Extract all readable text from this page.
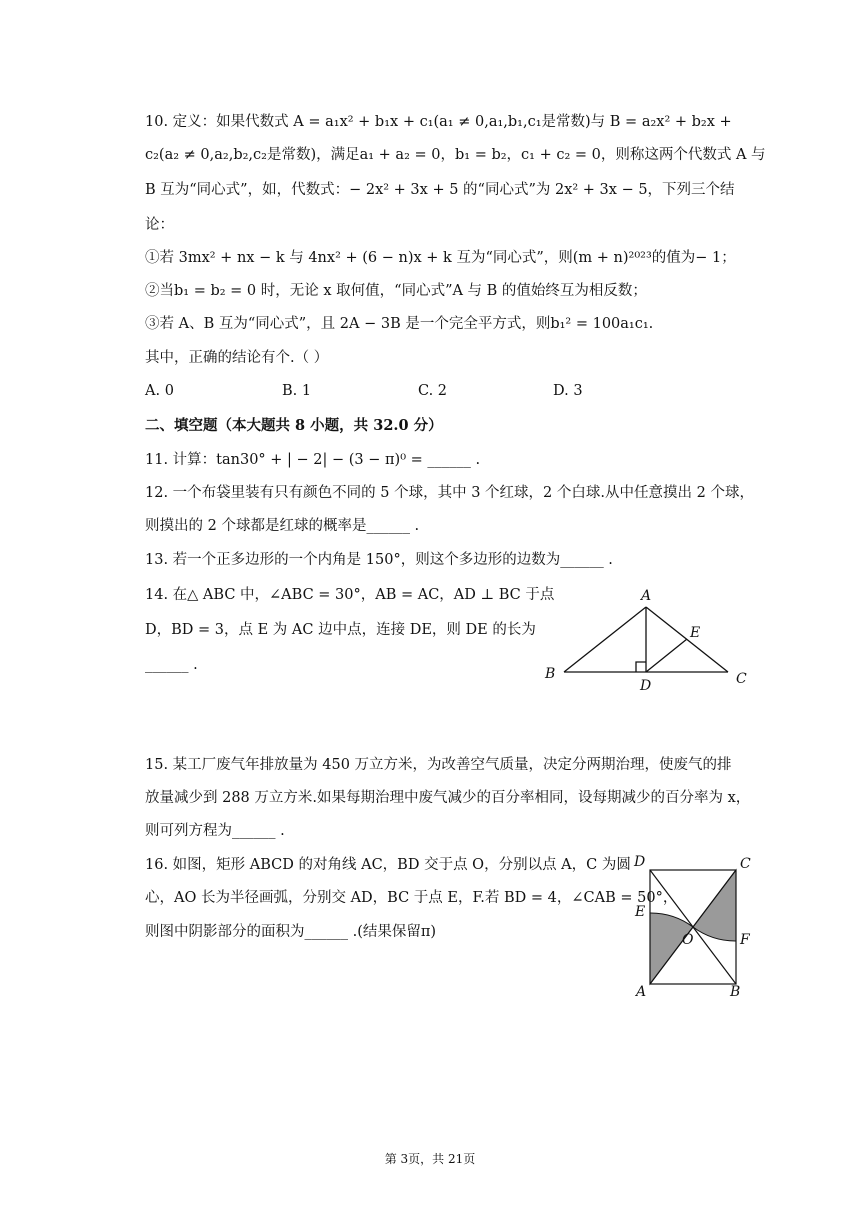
10. 定义：如果代数式 A = a₁x² + b₁x + c₁(a₁ ≠ 0,a₁,b₁,c₁是常数)与 B = a₂x² + b₂x +
c₂(a₂ ≠ 0,a₂,b₂,c₂是常数)，满足a₁ + a₂ = 0，b₁ = b₂，c₁ + c₂ = 0，则称这两个代数式 A 与
B 互为“同心式”，如，代数式：− 2x² + 3x + 5 的“同心式”为 2x² + 3x − 5，下列三个结
论：
①若 3mx² + nx − k 与 4nx² + (6 − n)x + k 互为“同心式”，则(m + n)²⁰²³的值为− 1；
②当b₁ = b₂ = 0 时，无论 x 取何值，“同心式”A 与 B 的值始终互为相反数；
③若 A、B 互为“同心式”，且 2A − 3B 是一个完全平方式，则b₁² = 100a₁c₁.
其中，正确的结论有个.（ ）
A. 0	B. 1	C. 2	D. 3
二、填空题（本大题共 8 小题，共 32.0 分）
11. 计算：tan30° + | − 2| − (3 − π)⁰ = ______ .
12. 一个布袋里装有只有颜色不同的 5 个球，其中 3 个红球，2 个白球.从中任意摸出 2 个球，
则摸出的 2 个球都是红球的概率是______ .
13. 若一个正多边形的一个内角是 150°，则这个多边形的边数为______ .
14. 在△ ABC 中，∠ABC = 30°，AB = AC，AD ⊥ BC 于点
D，BD = 3，点 E 为 AC 边中点，连接 DE，则 DE 的长为
______ .
A
B	C
D
E
15. 某工厂废气年排放量为 450 万立方米，为改善空气质量，决定分两期治理，使废气的排
放量减少到 288 万立方米.如果每期治理中废气减少的百分率相同，设每期减少的百分率为 x，
则可列方程为______ .
16. 如图，矩形 ABCD 的对角线 AC，BD 交于点 O，分别以点 A，C 为圆
心，AO 长为半径画弧，分别交 AD，BC 于点 E，F.若 BD = 4，∠CAB = 50°，
则图中阴影部分的面积为______ .(结果保留π)
D	C
E
F
O
A	B
第 3页，共 21页
